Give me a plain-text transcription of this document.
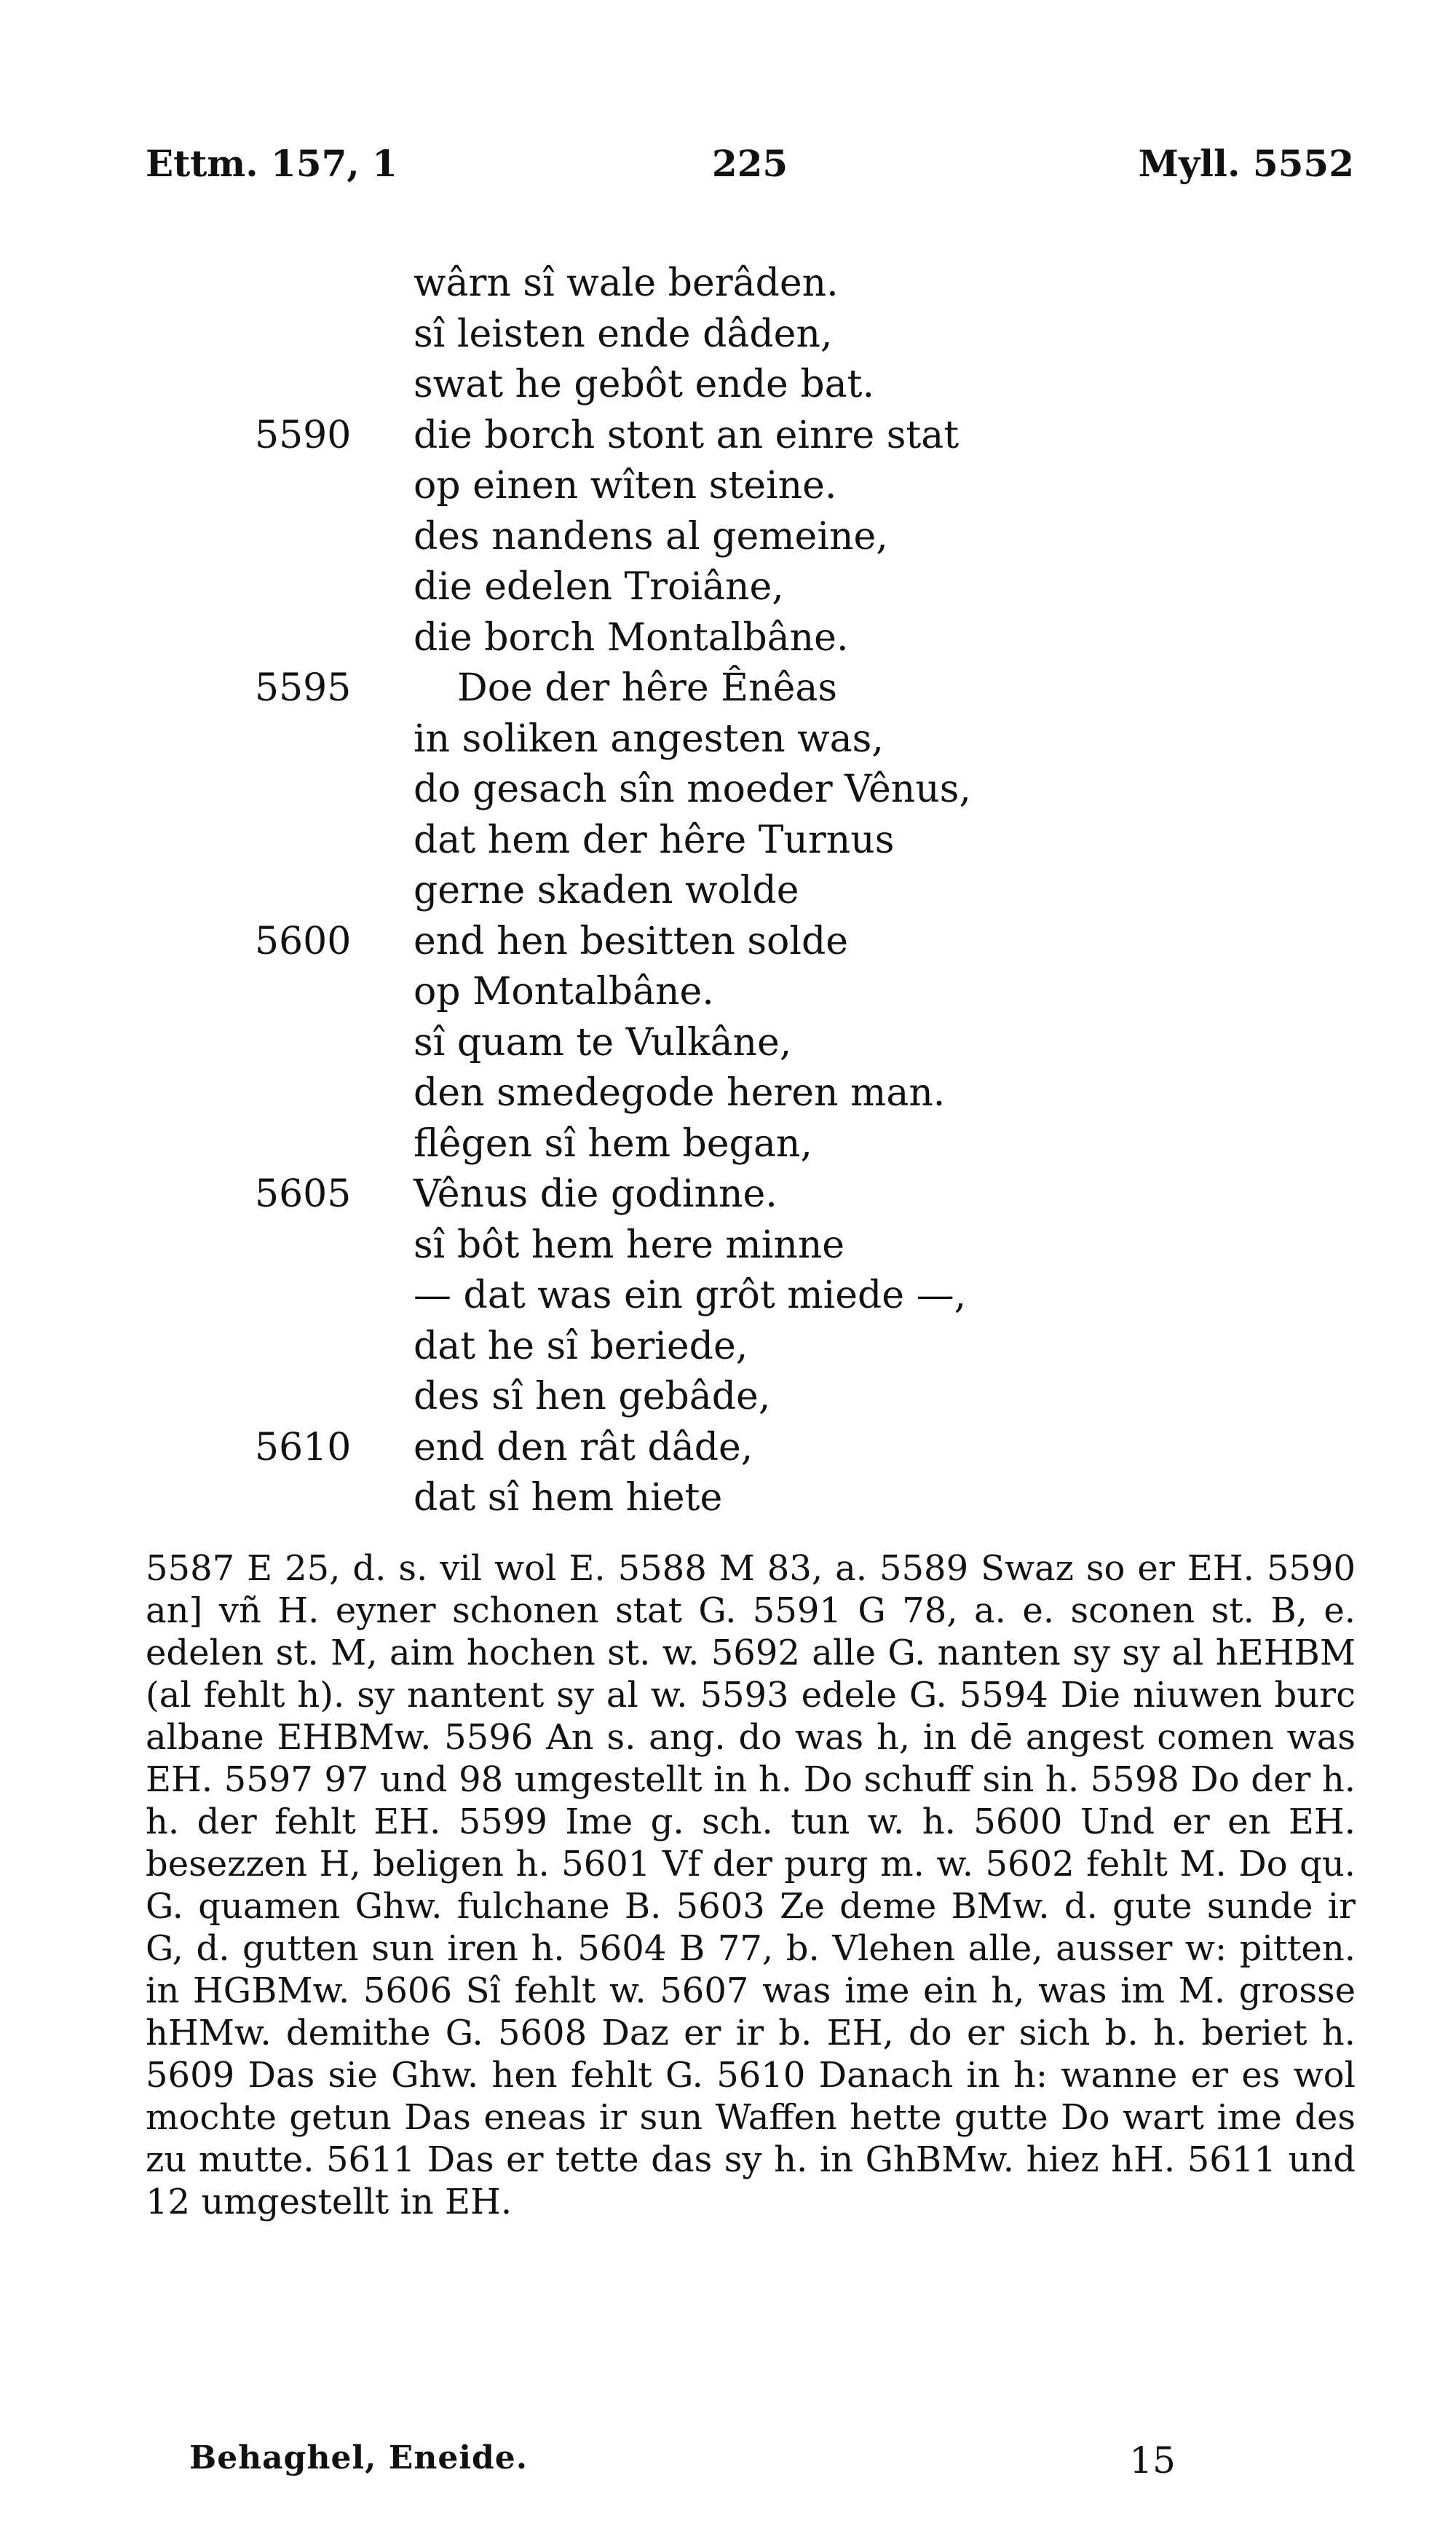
Ettm. 157, 1	225	Myll. 5552
wârn sî wale berâden.
sî leisten ende dâden,
swat he gebôt ende bat.
5590	die borch stont an einre stat
op einen wîten steine.
des nandens al gemeine,
die edelen Troiâne,
die borch Montalbâne.
5595	Doe der hêre Ênêas
in soliken angesten was,
do gesach sîn moeder Vênus,
dat hem der hêre Turnus
gerne skaden wolde
5600	end hen besitten solde
op Montalbâne.
sî quam te Vulkâne,
den smedegode heren man.
flêgen sî hem began,
5605	Vênus die godinne.
sî bôt hem here minne
— dat was ein grôt miede —,
dat he sî beriede,
des sî hen gebâde,
5610	end den rât dâde,
dat sî hem hiete

5587 E 25, d. s. vil wol E. 5588 M 83, a. 5589 Swaz so er EH. 5590 an] vñ H. eyner schonen stat G. 5591 G 78, a. e. sconen st. B, e. edelen st. M, aim hochen st. w. 5692 alle G. nanten sy sy al hEHBM (al fehlt h). sy nantent sy al w. 5593 edele G. 5594 Die niuwen burc albane EHBMw. 5596 An s. ang. do was h, in dē angest comen was EH. 5597 97 und 98 umgestellt in h. Do schuff sin h. 5598 Do der h. h. der fehlt EH. 5599 Ime g. sch. tun w. h. 5600 Und er en EH. besezzen H, beligen h. 5601 Vf der purg m. w. 5602 fehlt M. Do qu. G. quamen Ghw. fulchane B. 5603 Ze deme BMw. d. gute sunde ir G, d. gutten sun iren h. 5604 B 77, b. Vlehen alle, ausser w: pitten. in HGBMw. 5606 Sî fehlt w. 5607 was ime ein h, was im M. grosse hHMw. demithe G. 5608 Daz er ir b. EH, do er sich b. h. beriet h. 5609 Das sie Ghw. hen fehlt G. 5610 Danach in h: wanne er es wol mochte getun Das eneas ir sun Waffen hette gutte Do wart ime des zu mutte. 5611 Das er tette das sy h. in GhBMw. hiez hH. 5611 und 12 umgestellt in EH.

Behaghel, Eneide.	15
